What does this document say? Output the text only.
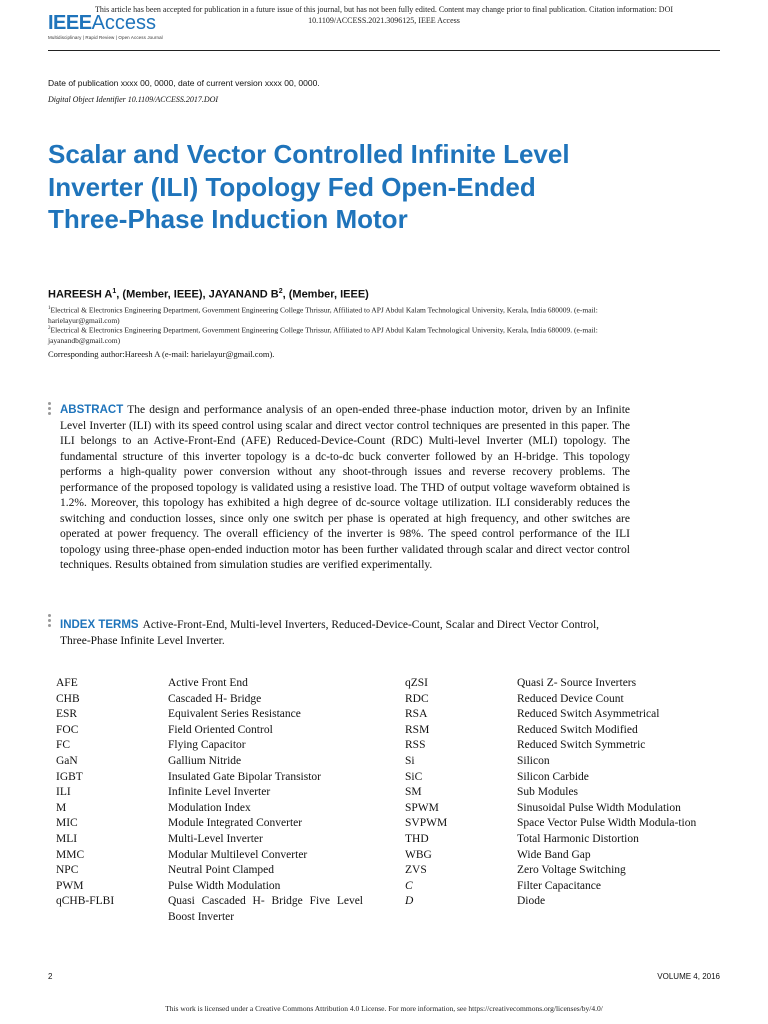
This article has been accepted for publication in a future issue of this journal, but has not been fully edited. Content may change prior to final publication. Citation information: DOI
10.1109/ACCESS.2021.3096125, IEEE Access
IEEEAccess
Multidisciplinary | Rapid Review | Open Access Journal
Date of publication xxxx 00, 0000, date of current version xxxx 00, 0000.
Digital Object Identifier 10.1109/ACCESS.2017.DOI
Scalar and Vector Controlled Infinite Level Inverter (ILI) Topology Fed Open-Ended Three-Phase Induction Motor
HAREESH $A^1$, (Member, IEEE), JAYANAND $B^2$, (Member, IEEE)
$^1$Electrical & Electronics Engineering Department, Government Engineering College Thrissur, Affiliated to APJ Abdul Kalam Technological University, Kerala, India 680009. (e-mail: harielayur@gmail.com)
$^2$Electrical & Electronics Engineering Department, Government Engineering College Thrissur, Affiliated to APJ Abdul Kalam Technological University, Kerala, India 680009. (e-mail: jayanandb@gmail.com)
Corresponding author:Hareesh A (e-mail: harielayur@gmail.com).

ABSTRACT The design and performance analysis of an open-ended three-phase induction motor, driven by an Infinite Level Inverter (ILI) with its speed control using scalar and direct vector control techniques are presented in this paper. The ILI belongs to an Active-Front-End (AFE) Reduced-Device-Count (RDC) Multi-level Inverter (MLI) topology. The fundamental structure of this inverter topology is a dc-to-dc buck converter followed by an H-bridge. This topology performs a high-quality power conversion without any shoot-through issues and reverse recovery problems. The performance of the proposed topology is validated using a resistive load. The THD of output voltage waveform obtained is 1.2%. Moreover, this topology has exhibited a high degree of dc-source voltage utilization. ILI considerably reduces the switching and conduction losses, since only one switch per phase is operated at high frequency, and other switches are operated at power frequency. The overall efficiency of the inverter is 98%. The speed control performance of the ILI topology using three-phase open-ended induction motor has been further validated through scalar and direct vector control techniques. Results obtained from simulation studies are verified experimentally.

INDEX TERMS Active-Front-End, Multi-level Inverters, Reduced-Device-Count, Scalar and Direct Vector Control, Three-Phase Infinite Level Inverter.

AFE	Active Front End
CHB	Cascaded H- Bridge
ESR	Equivalent Series Resistance
FOC	Field Oriented Control
FC	Flying Capacitor
GaN	Gallium Nitride
IGBT	Insulated Gate Bipolar Transistor
ILI	Infinite Level Inverter
M	Modulation Index
MIC	Module Integrated Converter
MLI	Multi-Level Inverter
MMC	Modular Multilevel Converter
NPC	Neutral Point Clamped
PWM	Pulse Width Modulation
qCHB-FLBI	Quasi Cascaded H- Bridge Five Level Boost Inverter
qZSI	Quasi Z- Source Inverters
RDC	Reduced Device Count
RSA	Reduced Switch Asymmetrical
RSM	Reduced Switch Modified
RSS	Reduced Switch Symmetric
Si	Silicon
SiC	Silicon Carbide
SM	Sub Modules
SPWM	Sinusoidal Pulse Width Modulation
SVPWM	Space Vector Pulse Width Modula-tion
THD	Total Harmonic Distortion
WBG	Wide Band Gap
ZVS	Zero Voltage Switching
C	Filter Capacitance
D	Diode
2	VOLUME 4, 2016
This work is licensed under a Creative Commons Attribution 4.0 License. For more information, see https://creativecommons.org/licenses/by/4.0/
